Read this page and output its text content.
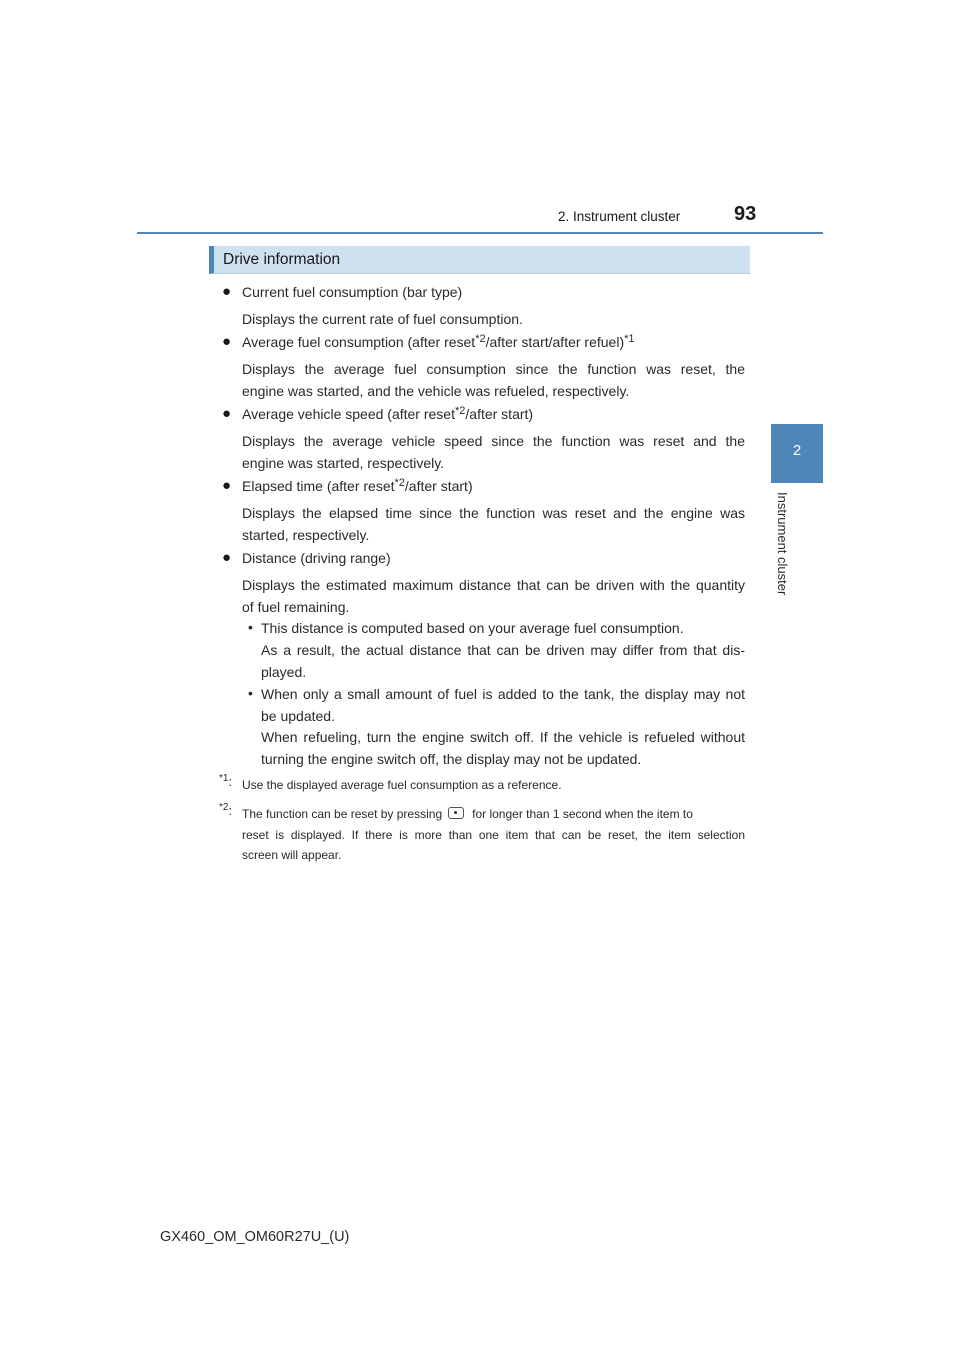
2. Instrument cluster	93
2
Instrument cluster
Drive information
● Current fuel consumption (bar type)
Displays the current rate of fuel consumption.
● Average fuel consumption (after reset$^{*2}$/after start/after refuel)$^{*1}$
Displays the average fuel consumption since the function was reset, the
engine was started, and the vehicle was refueled, respectively.
● Average vehicle speed (after reset$^{*2}$/after start)
Displays the average vehicle speed since the function was reset and the
engine was started, respectively.
● Elapsed time (after reset$^{*2}$/after start)
Displays the elapsed time since the function was reset and the engine was
started, respectively.
● Distance (driving range)
Displays the estimated maximum distance that can be driven with the quantity
of fuel remaining.
• This distance is computed based on your average fuel consumption.
As a result, the actual distance that can be driven may differ from that dis-
played.
• When only a small amount of fuel is added to the tank, the display may not
be updated.
When refueling, turn the engine switch off. If the vehicle is refueled without
turning the engine switch off, the display may not be updated.
$^{*1}$: Use the displayed average fuel consumption as a reference.
$^{*2}$: The function can be reset by pressing	for longer than 1 second when the item to
reset is displayed. If there is more than one item that can be reset, the item selection
screen will appear.
GX460_OM_OM60R27U_(U)
